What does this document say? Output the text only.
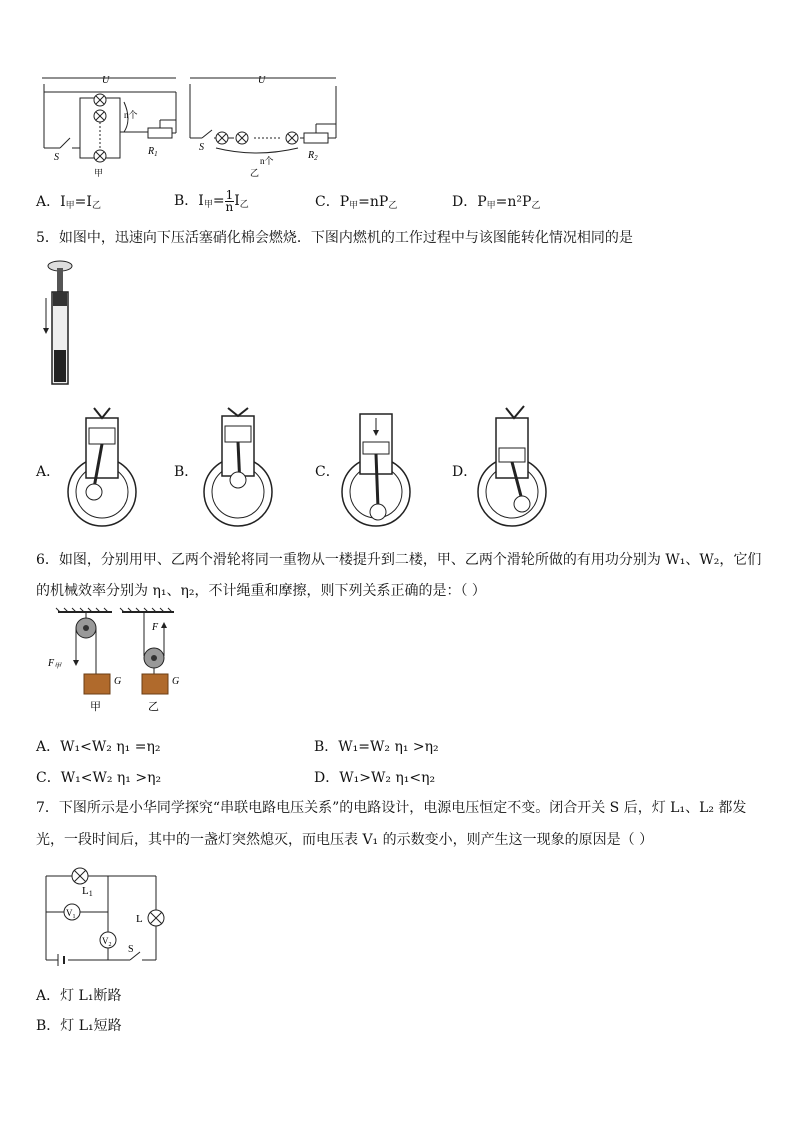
U	U
S
S
$R_1$	$R_2$
n个
n个
甲	乙
A．$I_甲=I_乙$	B．$I_甲= \frac{1}{n} I_乙$	C．$P_甲=nP_乙$	D．$P_甲=n^2P_乙$
5．如图中，迅速向下压活塞硝化棉会燃烧．下图内燃机的工作过程中与该图能转化情况相同的是
A．	B．	C．	D．
6．如图，分别用甲、乙两个滑轮将同一重物从一楼提升到二楼，甲、乙两个滑轮所做的有用功分别为 W₁、W₂，它们
的机械效率分别为 η₁、η₂，不计绳重和摩擦，则下列关系正确的是：（ ）
$F_甲$
F
G	G
甲	乙
A．W₁<W₂ η₁ =η₂	B．W₁=W₂ η₁ >η₂
C．W₁<W₂ η₁ >η₂	D．W₁>W₂ η₁<η₂
7．下图所示是小华同学探究“串联电路电压关系”的电路设计，电源电压恒定不变。闭合开关 S 后，灯 L₁、L₂ 都发
光，一段时间后，其中的一盏灯突然熄灭，而电压表 V₁ 的示数变小，则产生这一现象的原因是（ ）
L1
L
$V_1$
$V_2$ S
A．灯 L₁断路
B．灯 L₁短路
